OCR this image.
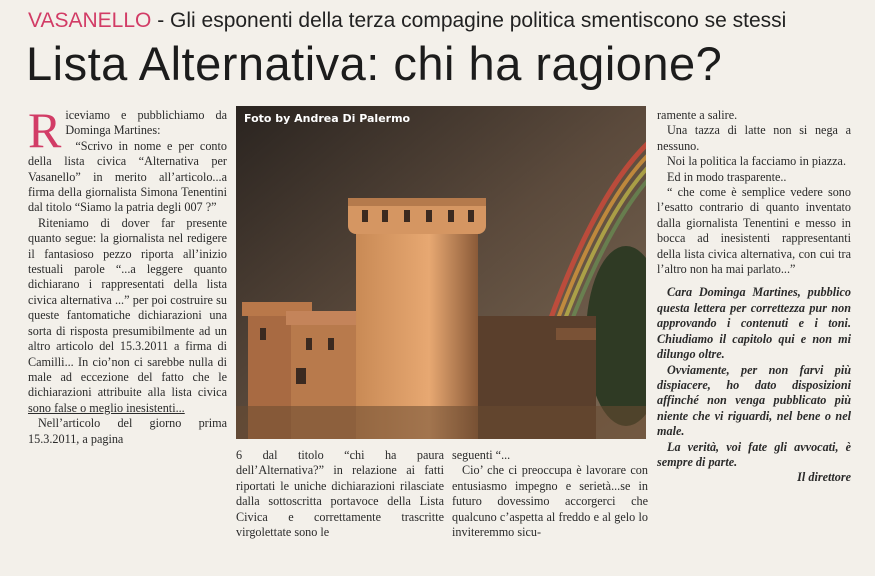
VASANELLO - Gli esponenti della terza compagine politica smentiscono se stessi
Lista Alternativa: chi ha ragione?
R iceviamo e pubblichiamo da Dominga Martines:

“Scrivo in nome e per conto della lista civica “Alternativa per Vasanello” in merito all’articolo...a firma della giornalista Simona Tenentini dal titolo “Siamo la patria degli 007 ?”

Riteniamo di dover far presente quanto segue: la giornalista nel redigere il fantasioso pezzo riporta all’inizio testuali parole “...a leggere quanto dichiarano i rappresentati della lista civica alternativa ...” per poi costruire su queste fantomatiche dichiarazioni una sorta di risposta presumibilmente ad un altro articolo del 15.3.2011 a firma di Camilli... In cio’non ci sarebbe nulla di male ad eccezione del fatto che le dichiarazioni attribuite alla lista civica sono false o meglio inesistenti...

Nell’articolo del giorno prima 15.3.2011, a pagina

Foto by Andrea Di Palermo

6 dal titolo “chi ha paura dell’Alternativa?” in relazione ai fatti riportati le uniche dichiarazioni rilasciate dalla sottoscritta portavoce della Lista Civica e correttamente trascritte virgolettate sono le

seguenti “...

Cio’ che ci preoccupa è lavorare con entusiasmo impegno e serietà...se in futuro dovessimo accorgerci che qualcuno c’aspetta al freddo e al gelo lo inviteremmo sicu-

ramente a salire.

Una tazza di latte non si nega a nessuno.

Noi la politica la facciamo in piazza.

Ed in modo trasparente..

“ che come è semplice vedere sono l’esatto contrario di quanto inventato dalla giornalista Tenentini e messo in bocca ad inesistenti rappresentanti della lista civica alternativa, con cui tra l’altro non ha mai parlato...”

Cara Dominga Martines, pubblico questa lettera per correttezza pur non approvando i contenuti e i toni. Chiudiamo il capitolo qui e non mi dilungo oltre.

Ovviamente, per non farvi più dispiacere, ho dato disposizioni affinché non venga pubblicato più niente che vi riguardi, nel bene o nel male.

La verità, voi fate gli avvocati, è sempre di parte.

Il direttore
